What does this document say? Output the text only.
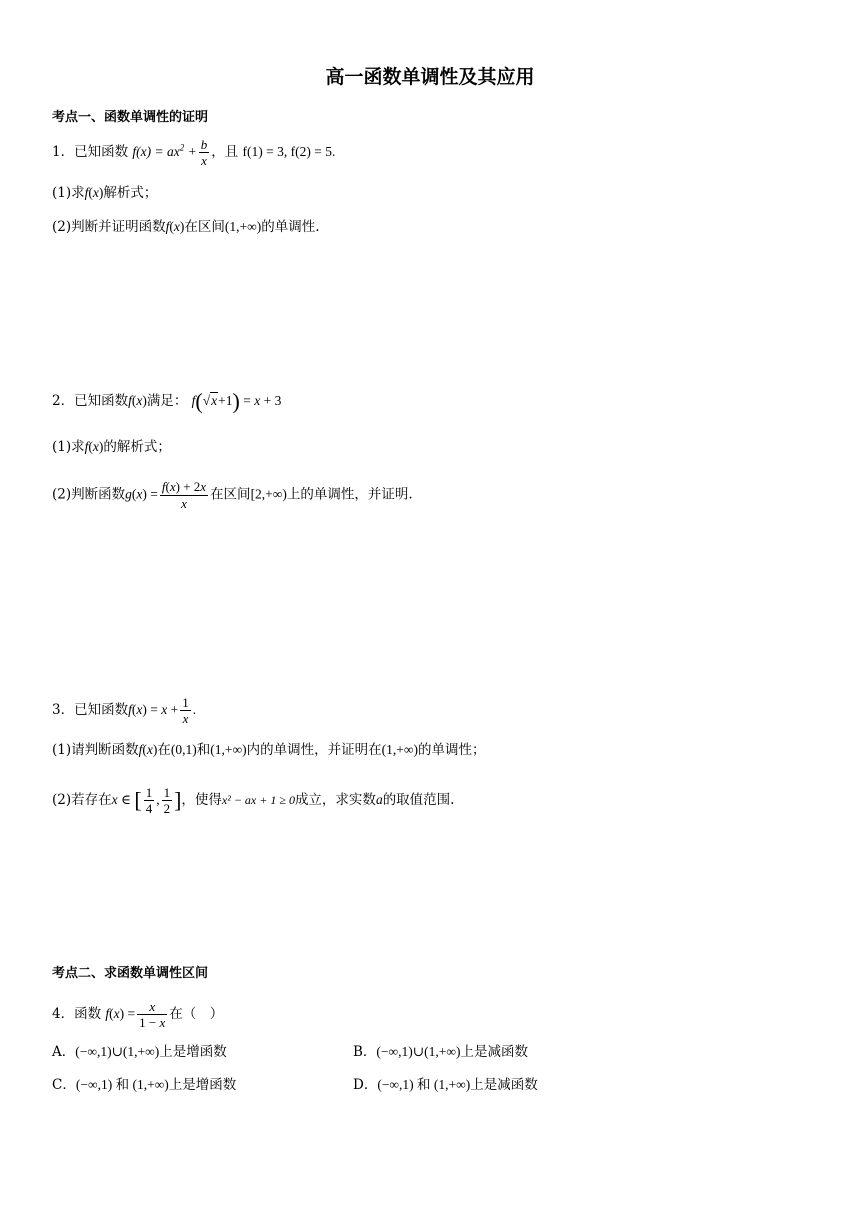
高一函数单调性及其应用
考点一、函数单调性的证明
1．已知函数 $f(x) = ax^2 + \frac{b}{x}$ ，且 f(1) = 3, f(2) = 5.
(1)求f(x)解析式；
(2)判断并证明函数f(x)在区间(1,+∞)的单调性.
2．已知函数f(x)满足： f(√x+1) = x + 3
(1)求f(x)的解析式；
(2)判断函数$g(x) = \frac{f(x) + 2x}{x}$ 在区间[2,+∞)上的单调性，并证明.
3．已知函数$f(x) = x + \frac{1}{x}$ .
(1)请判断函数f(x)在(0,1)和(1,+∞)内的单调性，并证明在(1,+∞)的单调性；
(2)若存在x ∈ [ $\frac{1}{4}$ , $\frac{1}{2}$ ]，使得x² − ax + 1 ≥ 0成立，求实数a的取值范围.
考点二、求函数单调性区间
4．函数 $f(x) = \frac{x}{1 - x}$ 在（　）
A．(−∞,1)∪(1,+∞)上是增函数	B．(−∞,1)∪(1,+∞)上是减函数
C．(−∞,1) 和 (1,+∞)上是增函数	D．(−∞,1) 和 (1,+∞)上是减函数
